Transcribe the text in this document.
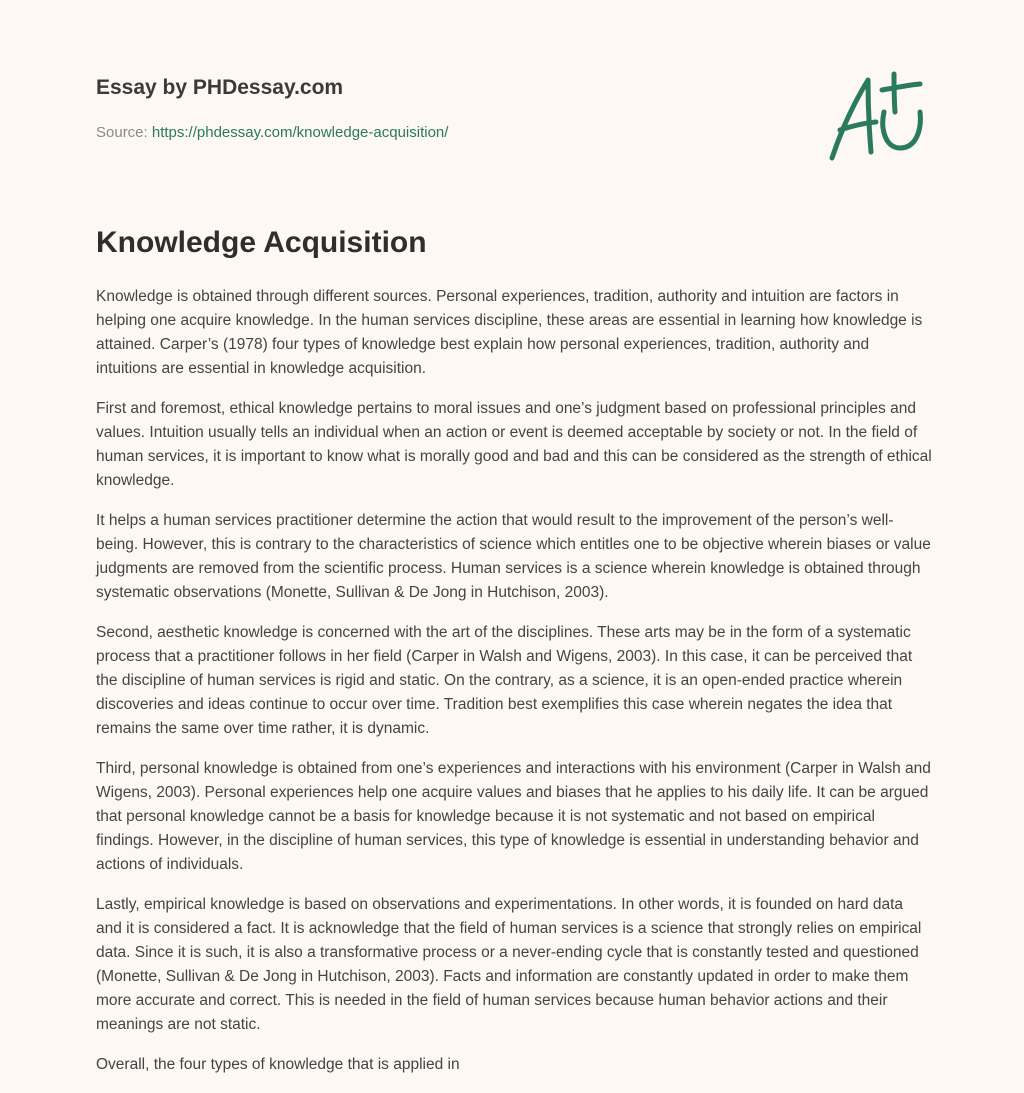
Essay by PHDessay.com
Source: https://phdessay.com/knowledge-acquisition/
Knowledge Acquisition

Knowledge is obtained through different sources. Personal experiences, tradition, authority and intuition are factors in helping one acquire knowledge. In the human services discipline, these areas are essential in learning how knowledge is attained. Carper’s (1978) four types of knowledge best explain how personal experiences, tradition, authority and intuitions are essential in knowledge acquisition.

First and foremost, ethical knowledge pertains to moral issues and one’s judgment based on professional principles and values. Intuition usually tells an individual when an action or event is deemed acceptable by society or not. In the field of human services, it is important to know what is morally good and bad and this can be considered as the strength of ethical knowledge.

It helps a human services practitioner determine the action that would result to the improvement of the person’s well-being. However, this is contrary to the characteristics of science which entitles one to be objective wherein biases or value judgments are removed from the scientific process. Human services is a science wherein knowledge is obtained through systematic observations (Monette, Sullivan & De Jong in Hutchison, 2003).

Second, aesthetic knowledge is concerned with the art of the disciplines. These arts may be in the form of a systematic process that a practitioner follows in her field (Carper in Walsh and Wigens, 2003). In this case, it can be perceived that the discipline of human services is rigid and static. On the contrary, as a science, it is an open-ended practice wherein discoveries and ideas continue to occur over time. Tradition best exemplifies this case wherein negates the idea that remains the same over time rather, it is dynamic.

Third, personal knowledge is obtained from one’s experiences and interactions with his environment (Carper in Walsh and Wigens, 2003). Personal experiences help one acquire values and biases that he applies to his daily life. It can be argued that personal knowledge cannot be a basis for knowledge because it is not systematic and not based on empirical findings. However, in the discipline of human services, this type of knowledge is essential in understanding behavior and actions of individuals.

Lastly, empirical knowledge is based on observations and experimentations. In other words, it is founded on hard data and it is considered a fact. It is acknowledge that the field of human services is a science that strongly relies on empirical data. Since it is such, it is also a transformative process or a never-ending cycle that is constantly tested and questioned (Monette, Sullivan & De Jong in Hutchison, 2003). Facts and information are constantly updated in order to make them more accurate and correct. This is needed in the field of human services because human behavior actions and their meanings are not static.

Overall, the four types of knowledge that is applied in
